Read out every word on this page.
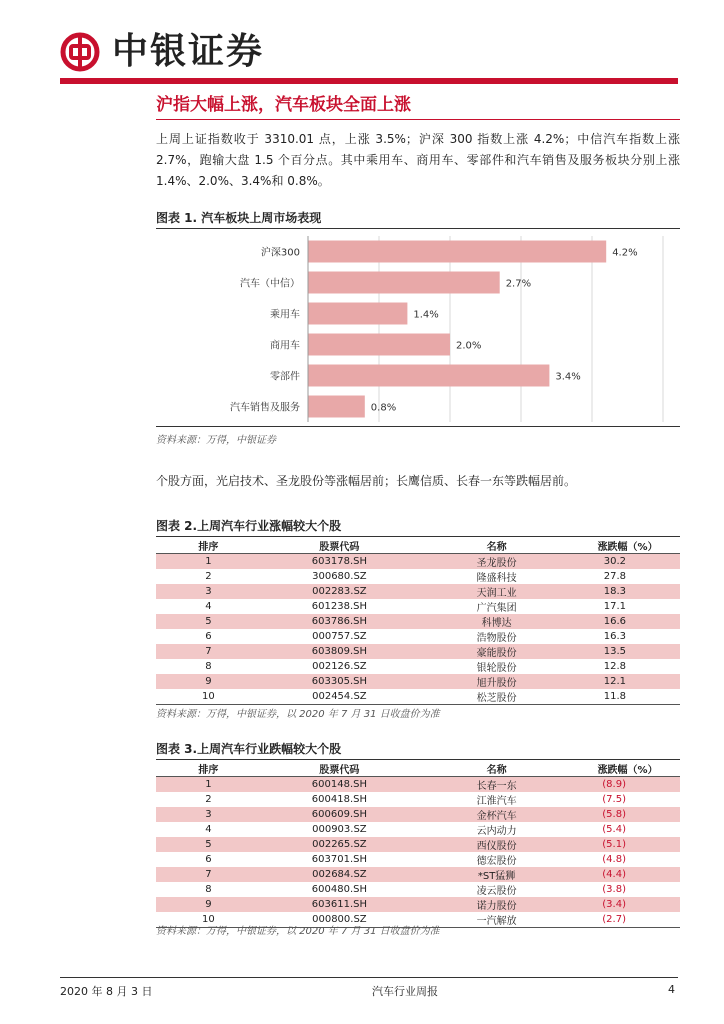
中银证券
沪指大幅上涨，汽车板块全面上涨
上周上证指数收于 3310.01 点，上涨 3.5%；沪深 300 指数上涨 4.2%；中信汽车指数上涨 2.7%，跑输大盘 1.5 个百分点。其中乘用车、商用车、零部件和汽车销售及服务板块分别上涨 1.4%、2.0%、3.4%和 0.8%。
图表 1. 汽车板块上周市场表现
沪深300
汽车（中信）
乘用车
商用车
零部件
汽车销售及服务
4.2%
2.7%
1.4%
2.0%
3.4%
0.8%
资料来源：万得，中银证券
个股方面，光启技术、圣龙股份等涨幅居前；长鹰信质、长春一东等跌幅居前。
图表 2.上周汽车行业涨幅较大个股
排序	股票代码	名称	涨跌幅（%）
1	603178.SH	圣龙股份	30.2
2	300680.SZ	隆盛科技	27.8
3	002283.SZ	天润工业	18.3
4	601238.SH	广汽集团	17.1
5	603786.SH	科博达	16.6
6	000757.SZ	浩物股份	16.3
7	603809.SH	豪能股份	13.5
8	002126.SZ	银轮股份	12.8
9	603305.SH	旭升股份	12.1
10	002454.SZ	松芝股份	11.8
资料来源：万得，中银证券，以 2020 年 7 月 31 日收盘价为准
图表 3.上周汽车行业跌幅较大个股
排序	股票代码	名称	涨跌幅（%）
1	600148.SH	长春一东	(8.9)
2	600418.SH	江淮汽车	(7.5)
3	600609.SH	金杯汽车	(5.8)
4	000903.SZ	云内动力	(5.4)
5	002265.SZ	西仪股份	(5.1)
6	603701.SH	德宏股份	(4.8)
7	002684.SZ	*ST猛狮	(4.4)
8	600480.SH	凌云股份	(3.8)
9	603611.SH	诺力股份	(3.4)
10	000800.SZ	一汽解放	(2.7)
资料来源：万得，中银证券，以 2020 年 7 月 31 日收盘价为准
2020 年 8 月 3 日	汽车行业周报	4
